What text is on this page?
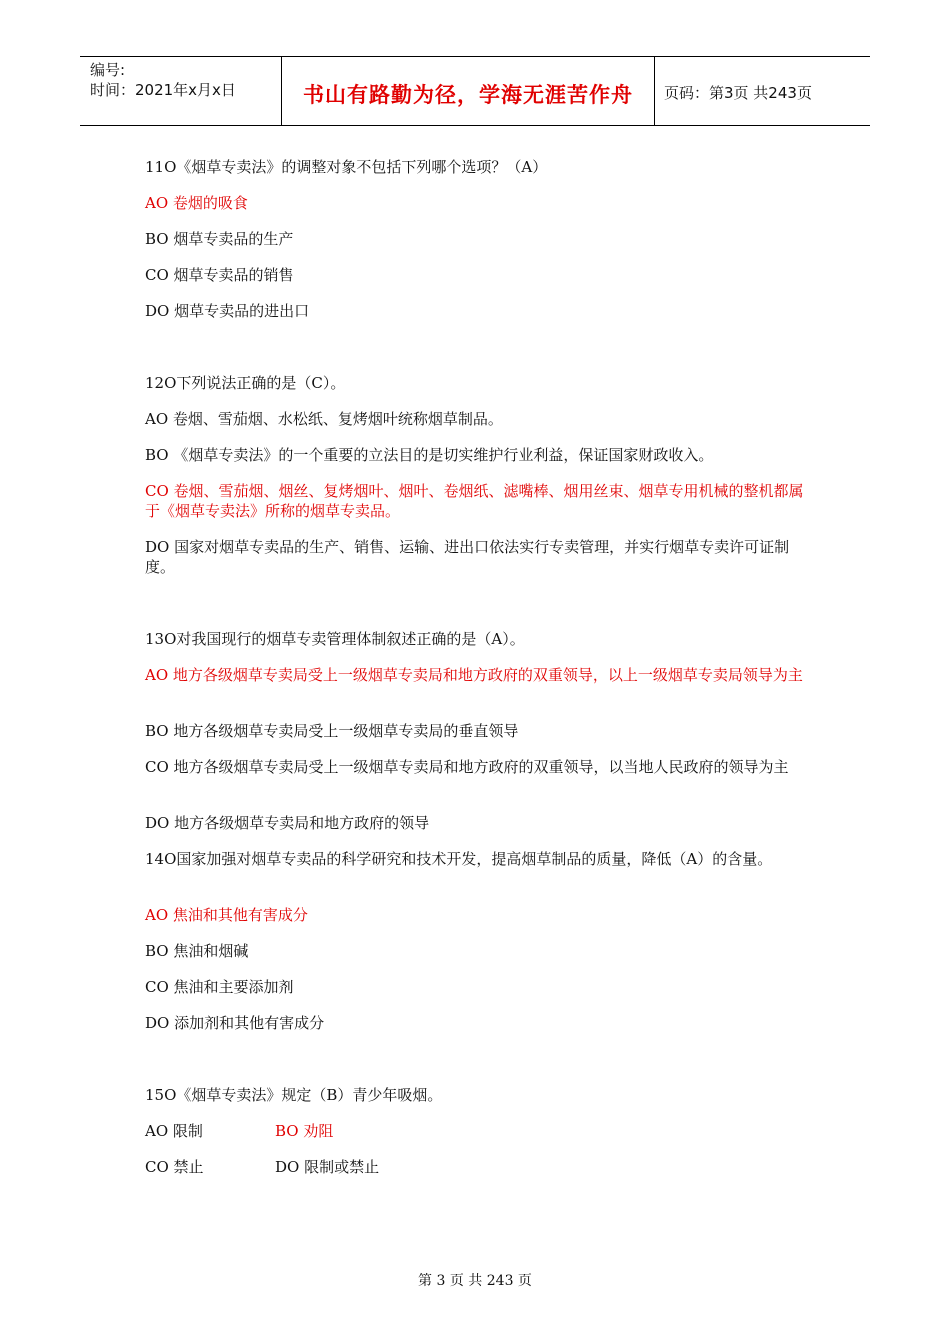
编号:
时间：2021年x月x日	书山有路勤为径，学海无涯苦作舟	页码：第3页 共243页

11O《烟草专卖法》的调整对象不包括下列哪个选项？（A）

AO 卷烟的吸食

BO 烟草专卖品的生产

CO 烟草专卖品的销售

DO 烟草专卖品的进出口

12O下列说法正确的是（C）。

AO 卷烟、雪茄烟、水松纸、复烤烟叶统称烟草制品。

BO 《烟草专卖法》的一个重要的立法目的是切实维护行业利益，保证国家财政收入。

CO 卷烟、雪茄烟、烟丝、复烤烟叶、烟叶、卷烟纸、滤嘴棒、烟用丝束、烟草专用机械的整机都属于《烟草专卖法》所称的烟草专卖品。

DO 国家对烟草专卖品的生产、销售、运输、进出口依法实行专卖管理，并实行烟草专卖许可证制度。

13O对我国现行的烟草专卖管理体制叙述正确的是（A）。

AO 地方各级烟草专卖局受上一级烟草专卖局和地方政府的双重领导，以上一级烟草专卖局领导为主

BO 地方各级烟草专卖局受上一级烟草专卖局的垂直领导

CO 地方各级烟草专卖局受上一级烟草专卖局和地方政府的双重领导，以当地人民政府的领导为主

DO 地方各级烟草专卖局和地方政府的领导

14O国家加强对烟草专卖品的科学研究和技术开发，提高烟草制品的质量，降低（A）的含量。

AO 焦油和其他有害成分

BO 焦油和烟碱

CO 焦油和主要添加剂

DO 添加剂和其他有害成分

15O《烟草专卖法》规定（B）青少年吸烟。

AO 限制	BO 劝阻
CO 禁止	DO 限制或禁止
第 3 页 共 243 页
